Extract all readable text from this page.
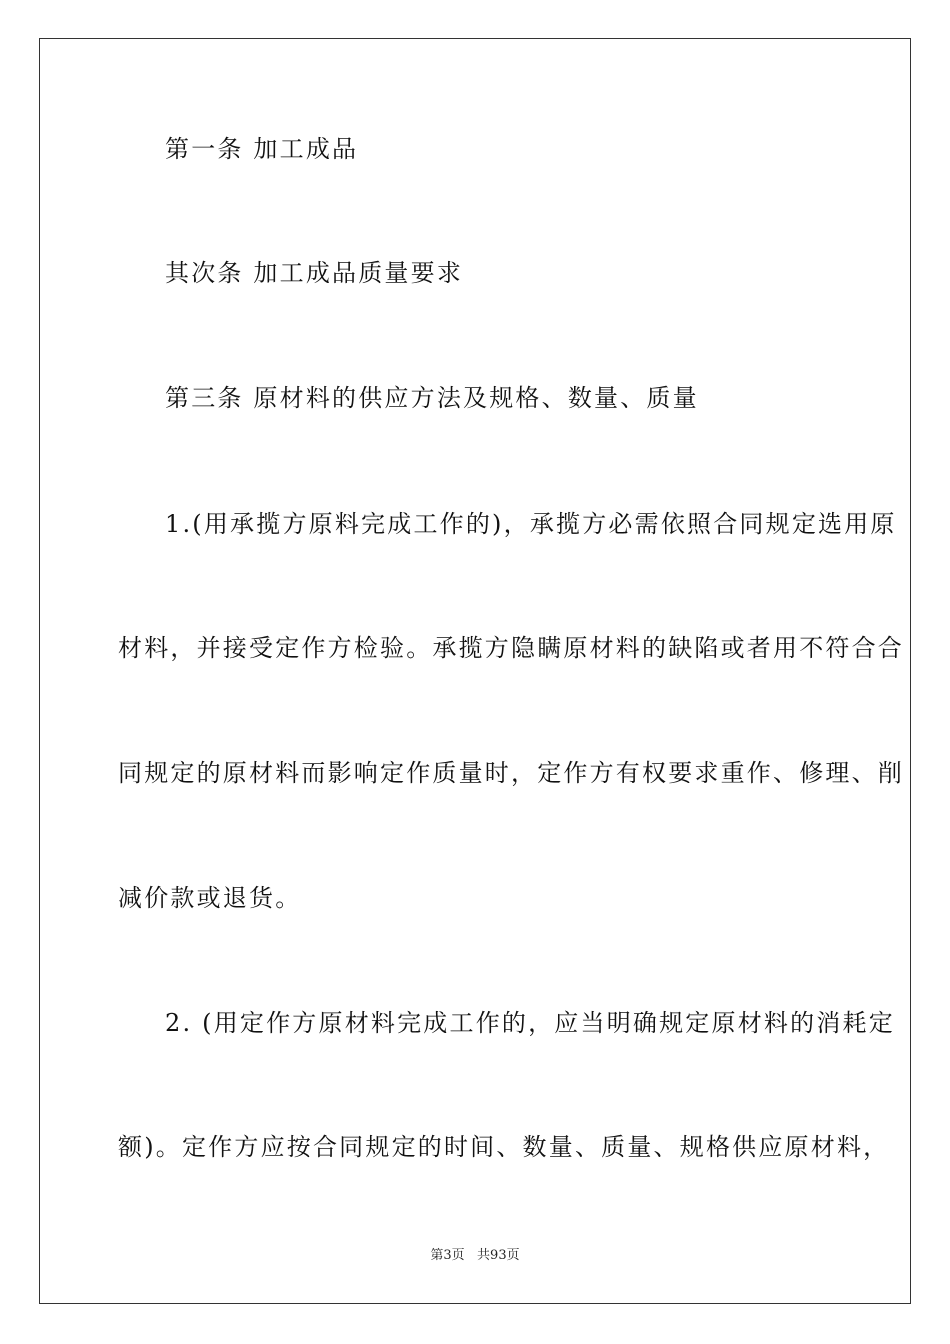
第一条 加工成品
其次条 加工成品质量要求
第三条 原材料的供应方法及规格、数量、质量
1.(用承揽方原料完成工作的)，承揽方必需依照合同规定选用原
材料，并接受定作方检验。承揽方隐瞒原材料的缺陷或者用不符合合
同规定的原材料而影响定作质量时，定作方有权要求重作、修理、削
减价款或退货。
2. (用定作方原材料完成工作的，应当明确规定原材料的消耗定
额)。定作方应按合同规定的时间、数量、质量、规格供应原材料，
第3页   共93页
